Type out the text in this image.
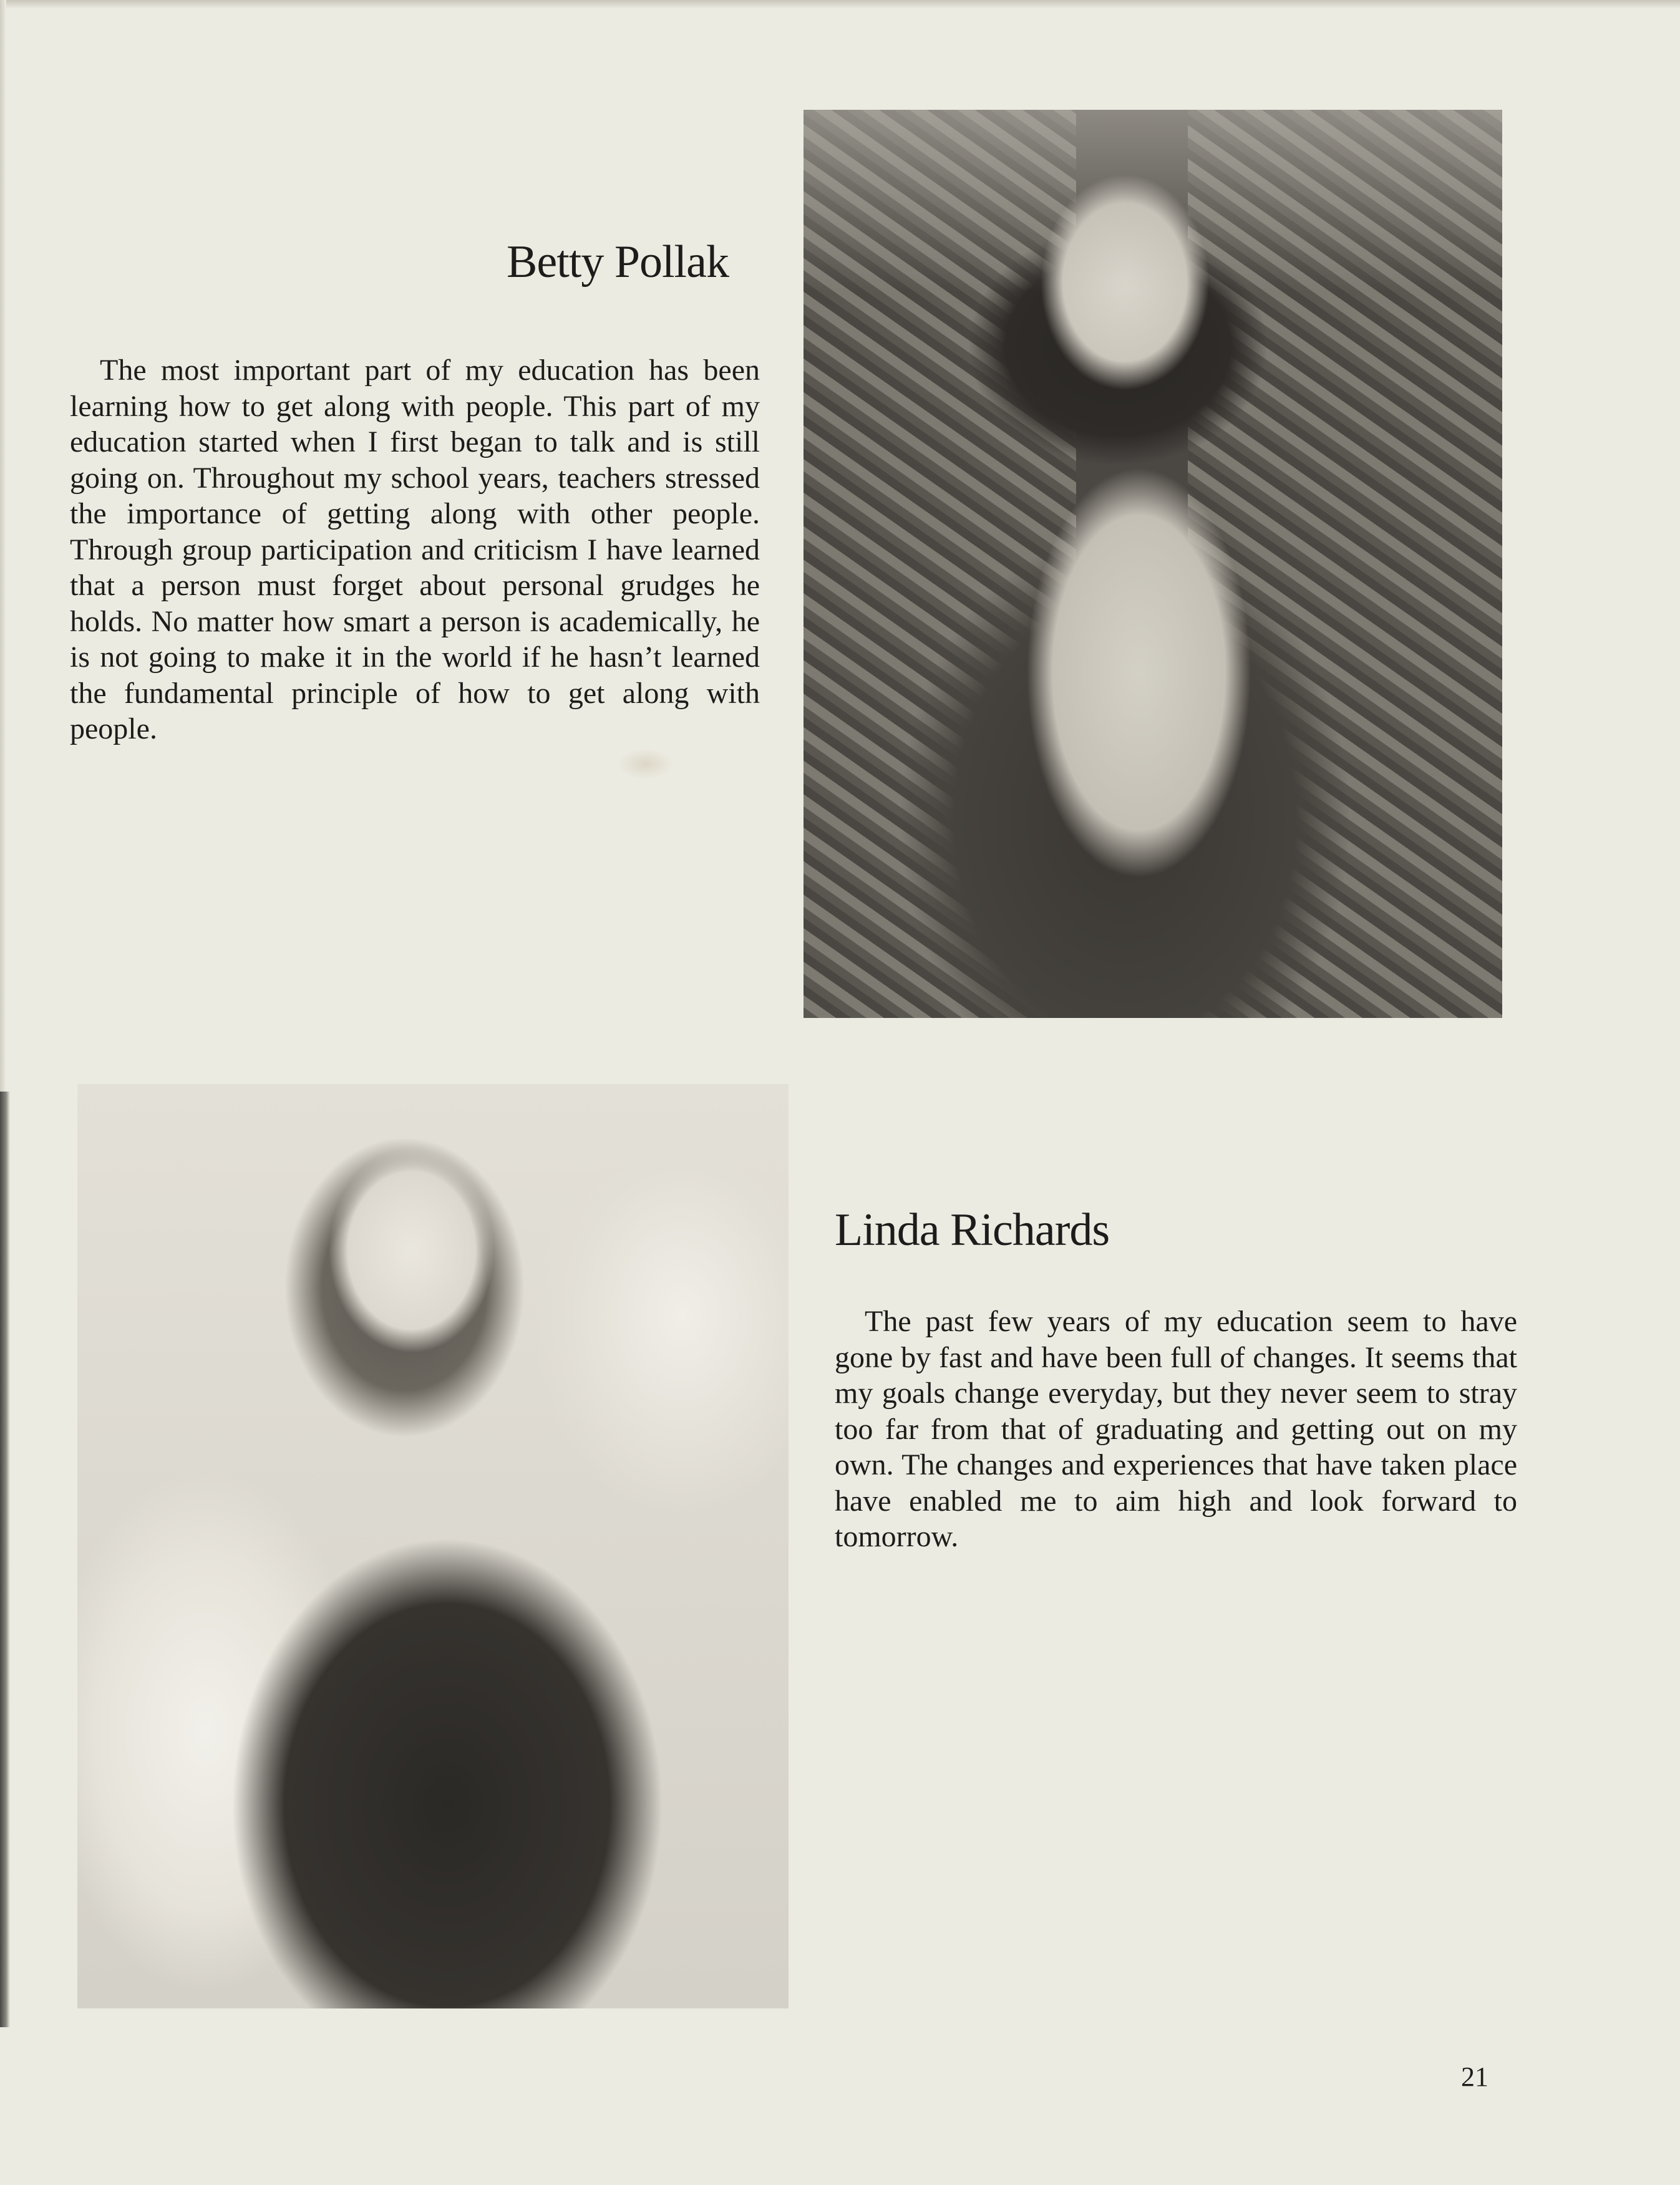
Betty Pollak

The most important part of my education has been learning how to get along with people. This part of my education started when I first began to talk and is still going on. Throughout my school years, teachers stressed the importance of getting along with other people. Through group participation and criticism I have learned that a person must forget about personal grudges he holds. No matter how smart a person is academically, he is not going to make it in the world if he hasn’t learned the fundamental principle of how to get along with people.

Linda Richards

The past few years of my education seem to have gone by fast and have been full of changes. It seems that my goals change everyday, but they never seem to stray too far from that of graduating and getting out on my own. The changes and experiences that have taken place have enabled me to aim high and look forward to tomorrow.

21
